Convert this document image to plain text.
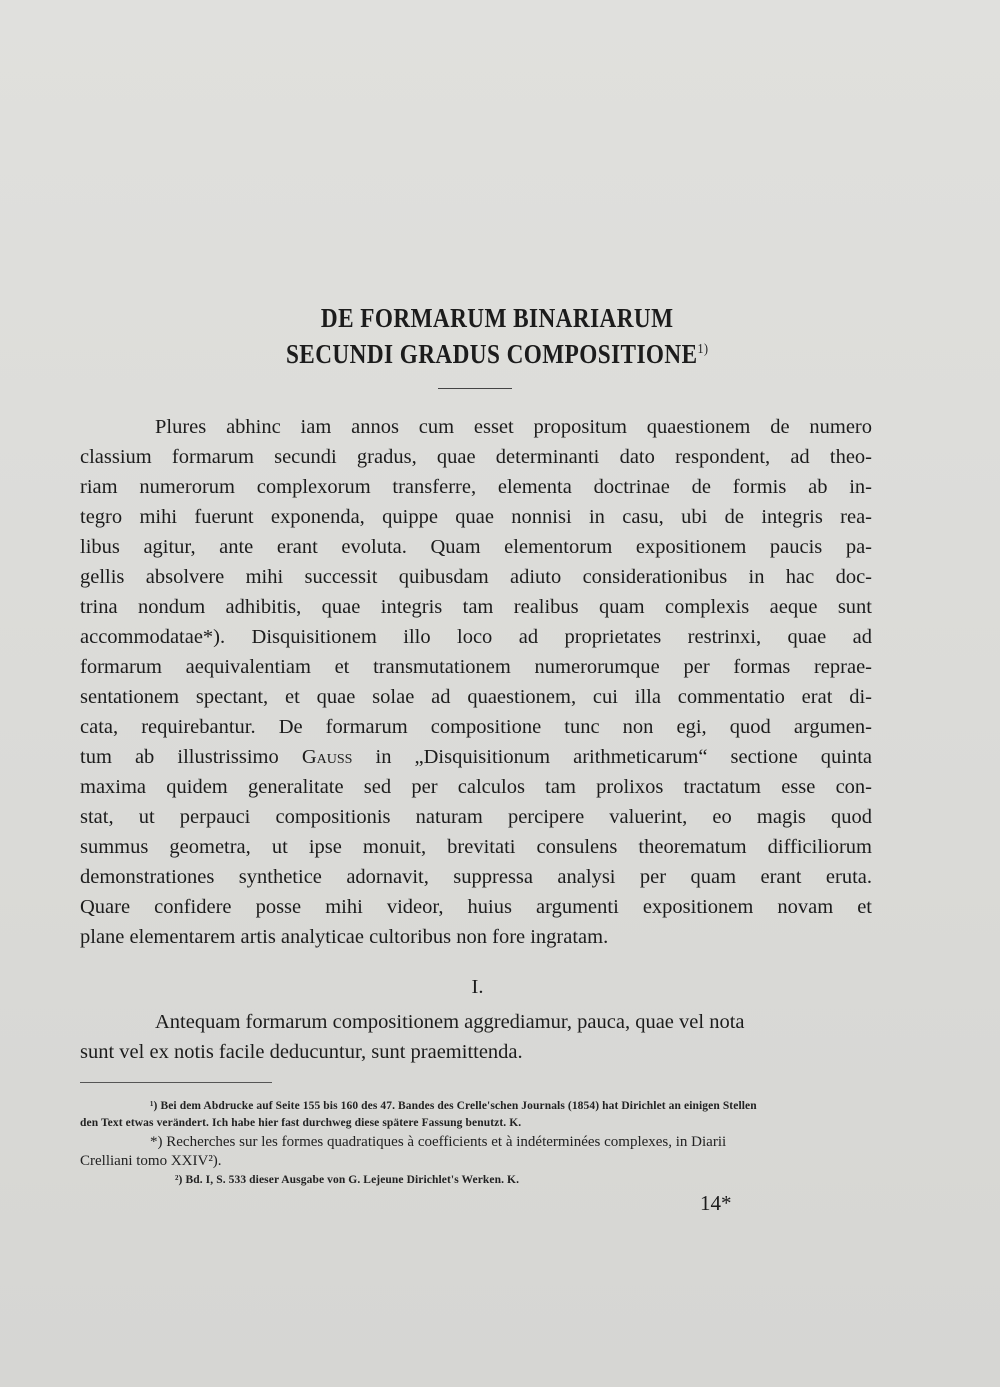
DE FORMARUM BINARIARUM
SECUNDI GRADUS COMPOSITIONE$^{1)}$
Plures abhinc iam annos cum esset propositum quaestionem de numero
classium formarum secundi gradus, quae determinanti dato respondent, ad theo-
riam numerorum complexorum transferre, elementa doctrinae de formis ab in-
tegro mihi fuerunt exponenda, quippe quae nonnisi in casu, ubi de integris rea-
libus agitur, ante erant evoluta. Quam elementorum expositionem paucis pa-
gellis absolvere mihi successit quibusdam adiuto considerationibus in hac doc-
trina nondum adhibitis, quae integris tam realibus quam complexis aeque sunt
accommodatae*). Disquisitionem illo loco ad proprietates restrinxi, quae ad
formarum aequivalentiam et transmutationem numerorumque per formas reprae-
sentationem spectant, et quae solae ad quaestionem, cui illa commentatio erat di-
cata, requirebantur. De formarum compositione tunc non egi, quod argumen-
tum ab illustrissimo Gauss in „Disquisitionum arithmeticarum“ sectione quinta
maxima quidem generalitate sed per calculos tam prolixos tractatum esse con-
stat, ut perpauci compositionis naturam percipere valuerint, eo magis quod
summus geometra, ut ipse monuit, brevitati consulens theorematum difficiliorum
demonstrationes synthetice adornavit, suppressa analysi per quam erant eruta.
Quare confidere posse mihi videor, huius argumenti expositionem novam et
plane elementarem artis analyticae cultoribus non fore ingratam.
I.
Antequam formarum compositionem aggrediamur, pauca, quae vel nota
sunt vel ex notis facile deducuntur, sunt praemittenda.
¹) Bei dem Abdrucke auf Seite 155 bis 160 des 47. Bandes des Crelle'schen Journals (1854) hat Dirichlet an einigen Stellen
den Text etwas verändert. Ich habe hier fast durchweg diese spätere Fassung benutzt. K.
*) Recherches sur les formes quadratiques à coefficients et à indéterminées complexes, in Diarii
Crelliani tomo XXIV²).
²) Bd. I, S. 533 dieser Ausgabe von G. Lejeune Dirichlet's Werken. K.
14*
